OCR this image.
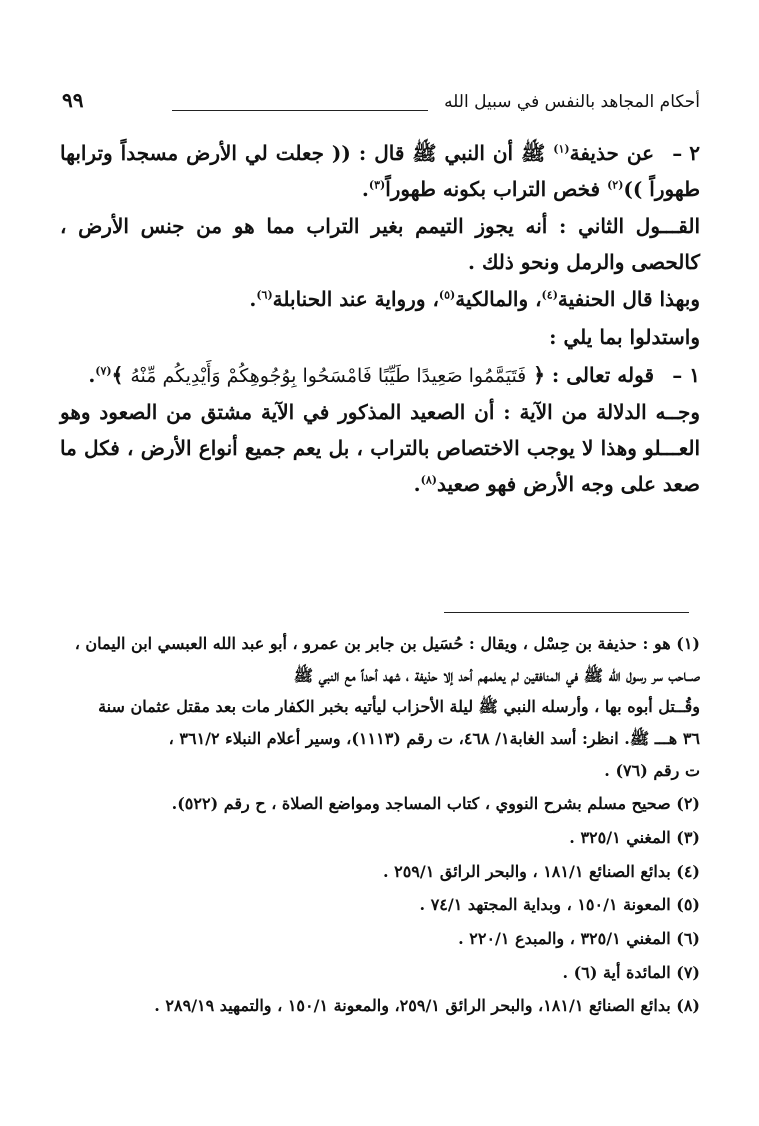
أحكام المجاهد بالنفس في سبيل الله
٩٩

٢ –عن حذيفة$^{(١)}$ ﷺ أن النبي ﷺ قال : (( جعلت لي الأرض مسجداً وترابها طهوراً ))$^{(٢)}$ فخص التراب بكونه طهوراً$^{(٣)}$.

القـــول الثاني : أنه يجوز التيمم بغير التراب مما هو من جنس الأرض ، كالحصى والرمل ونحو ذلك .

وبهذا قال الحنفية$^{(٤)}$، والمالكية$^{(٥)}$، ورواية عند الحنابلة$^{(٦)}$.

واستدلوا بما يلي :

١ –قوله تعالى : ﴿ فَتَيَمَّمُوا صَعِيدًا طَيِّبًا فَامْسَحُوا بِوُجُوهِكُمْ وَأَيْدِيكُم مِّنْهُ ﴾$^{(٧)}$.

وجــه الدلالة من الآية : أن الصعيد المذكور في الآية مشتق من الصعود وهو العـــلو وهذا لا يوجب الاختصاص بالتراب ، بل يعم جميع أنواع الأرض ، فكل ما صعد على وجه الأرض فهو صعيد$^{(٨)}$.

(١) هو : حذيفة بن حِسْل ، ويقال : حُسَيل بن جابر بن عمرو ، أبو عبد الله العبسي ابن اليمان ،
صــاحب سر رسول الله ﷺ في المنافقين لم يعلمهم أحد إلا حذيفة ، شهد أحداً مع النبي ﷺ
وقُــتل أبوه بها ، وأرسله النبي ﷺ ليلة الأحزاب ليأتيه بخبر الكفار مات بعد مقتل عثمان سنة
٣٦ هـــ ﷺ. انظر: أسد الغابة١/ ٤٦٨، ت رقم (١١١٣)، وسير أعلام النبلاء ٣٦١/٢ ،
ت رقم (٧٦) .
(٢) صحيح مسلم بشرح النووي ، كتاب المساجد ومواضع الصلاة ، ح رقم (٥٢٢).
(٣) المغني ٣٢٥/١ .
(٤) بدائع الصنائع ١٨١/١ ، والبحر الرائق ٢٥٩/١ .
(٥) المعونة ١٥٠/١ ، وبداية المجتهد ٧٤/١ .
(٦) المغني ٣٢٥/١ ، والمبدع ٢٢٠/١ .
(٧) المائدة أية (٦) .
(٨) بدائع الصنائع ١٨١/١، والبحر الرائق ٢٥٩/١، والمعونة ١٥٠/١ ، والتمهيد ٢٨٩/١٩ .
